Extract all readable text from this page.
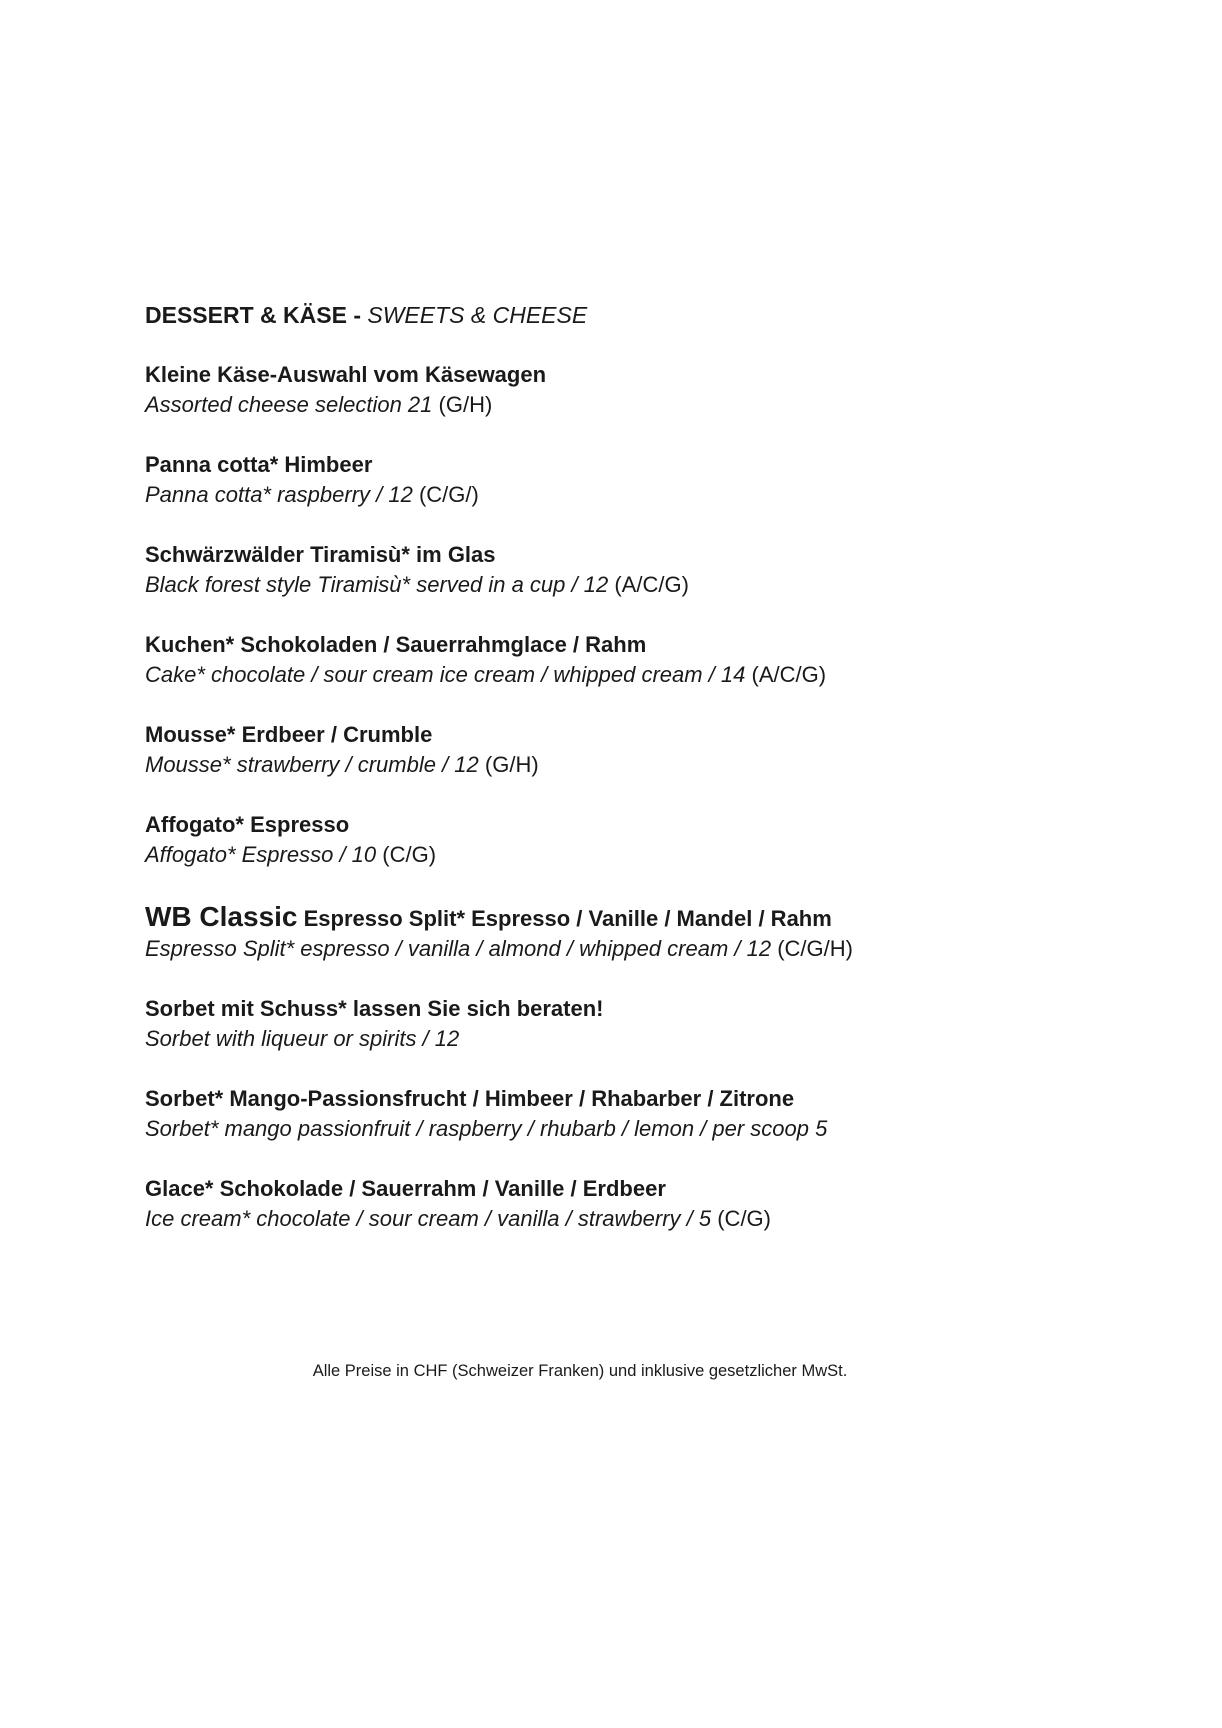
DESSERT & KÄSE - SWEETS & CHEESE
Kleine Käse-Auswahl vom Käsewagen
Assorted cheese selection 21 (G/H)
Panna cotta* Himbeer
Panna cotta* raspberry / 12 (C/G/)
Schwärzwälder Tiramisù* im Glas
Black forest style Tiramisù* served in a cup / 12 (A/C/G)
Kuchen* Schokoladen / Sauerrahmglace / Rahm
Cake* chocolate / sour cream ice cream / whipped cream / 14 (A/C/G)
Mousse* Erdbeer / Crumble
Mousse* strawberry / crumble / 12 (G/H)
Affogato* Espresso
Affogato* Espresso / 10 (C/G)
WB Classic Espresso Split* Espresso / Vanille / Mandel / Rahm
Espresso Split* espresso / vanilla / almond / whipped cream / 12 (C/G/H)
Sorbet mit Schuss* lassen Sie sich beraten!
Sorbet with liqueur or spirits / 12
Sorbet* Mango-Passionsfrucht / Himbeer / Rhabarber / Zitrone
Sorbet* mango passionfruit / raspberry / rhubarb / lemon / per scoop 5
Glace* Schokolade / Sauerrahm / Vanille / Erdbeer
Ice cream* chocolate / sour cream / vanilla / strawberry / 5 (C/G)
Alle Preise in CHF (Schweizer Franken) und inklusive gesetzlicher MwSt.
